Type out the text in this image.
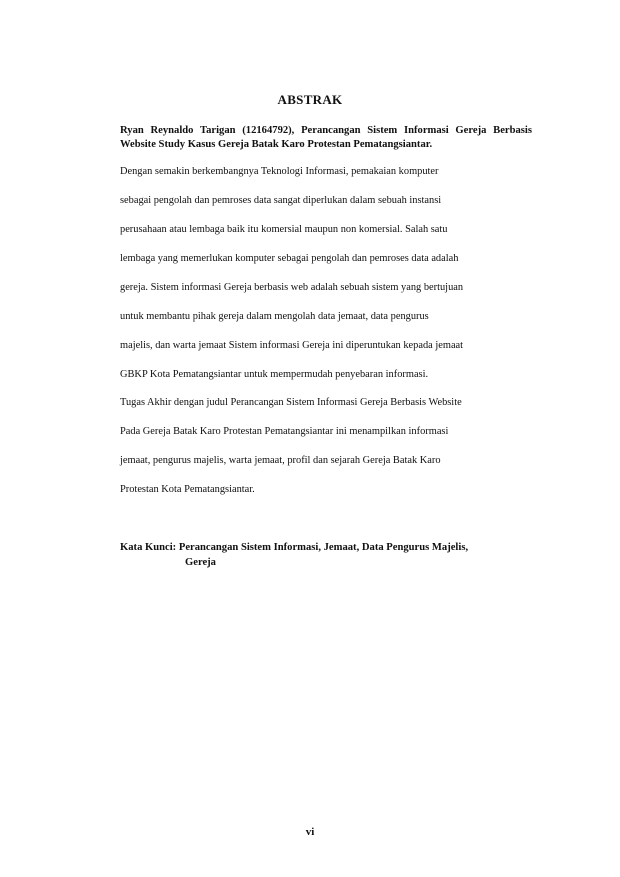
ABSTRAK
Ryan Reynaldo Tarigan (12164792), Perancangan Sistem Informasi Gereja Berbasis Website Study Kasus Gereja Batak Karo Protestan Pematangsiantar.
Dengan semakin berkembangnya Teknologi Informasi, pemakaian komputer
sebagai pengolah dan pemroses data sangat diperlukan dalam sebuah instansi
perusahaan atau lembaga baik itu komersial maupun non komersial. Salah satu
lembaga yang memerlukan komputer sebagai pengolah dan pemroses data adalah
gereja. Sistem informasi Gereja berbasis web adalah sebuah sistem yang bertujuan
untuk membantu pihak gereja dalam mengolah data jemaat, data pengurus
majelis, dan warta jemaat Sistem informasi Gereja ini diperuntukan kepada jemaat
GBKP Kota Pematangsiantar untuk mempermudah penyebaran informasi.
Tugas Akhir dengan judul Perancangan Sistem Informasi Gereja Berbasis Website
Pada Gereja Batak Karo Protestan Pematangsiantar ini menampilkan informasi
jemaat, pengurus majelis, warta jemaat, profil dan sejarah Gereja Batak Karo
Protestan Kota Pematangsiantar.
Kata Kunci: Perancangan Sistem Informasi, Jemaat, Data Pengurus Majelis,
Gereja
vi
